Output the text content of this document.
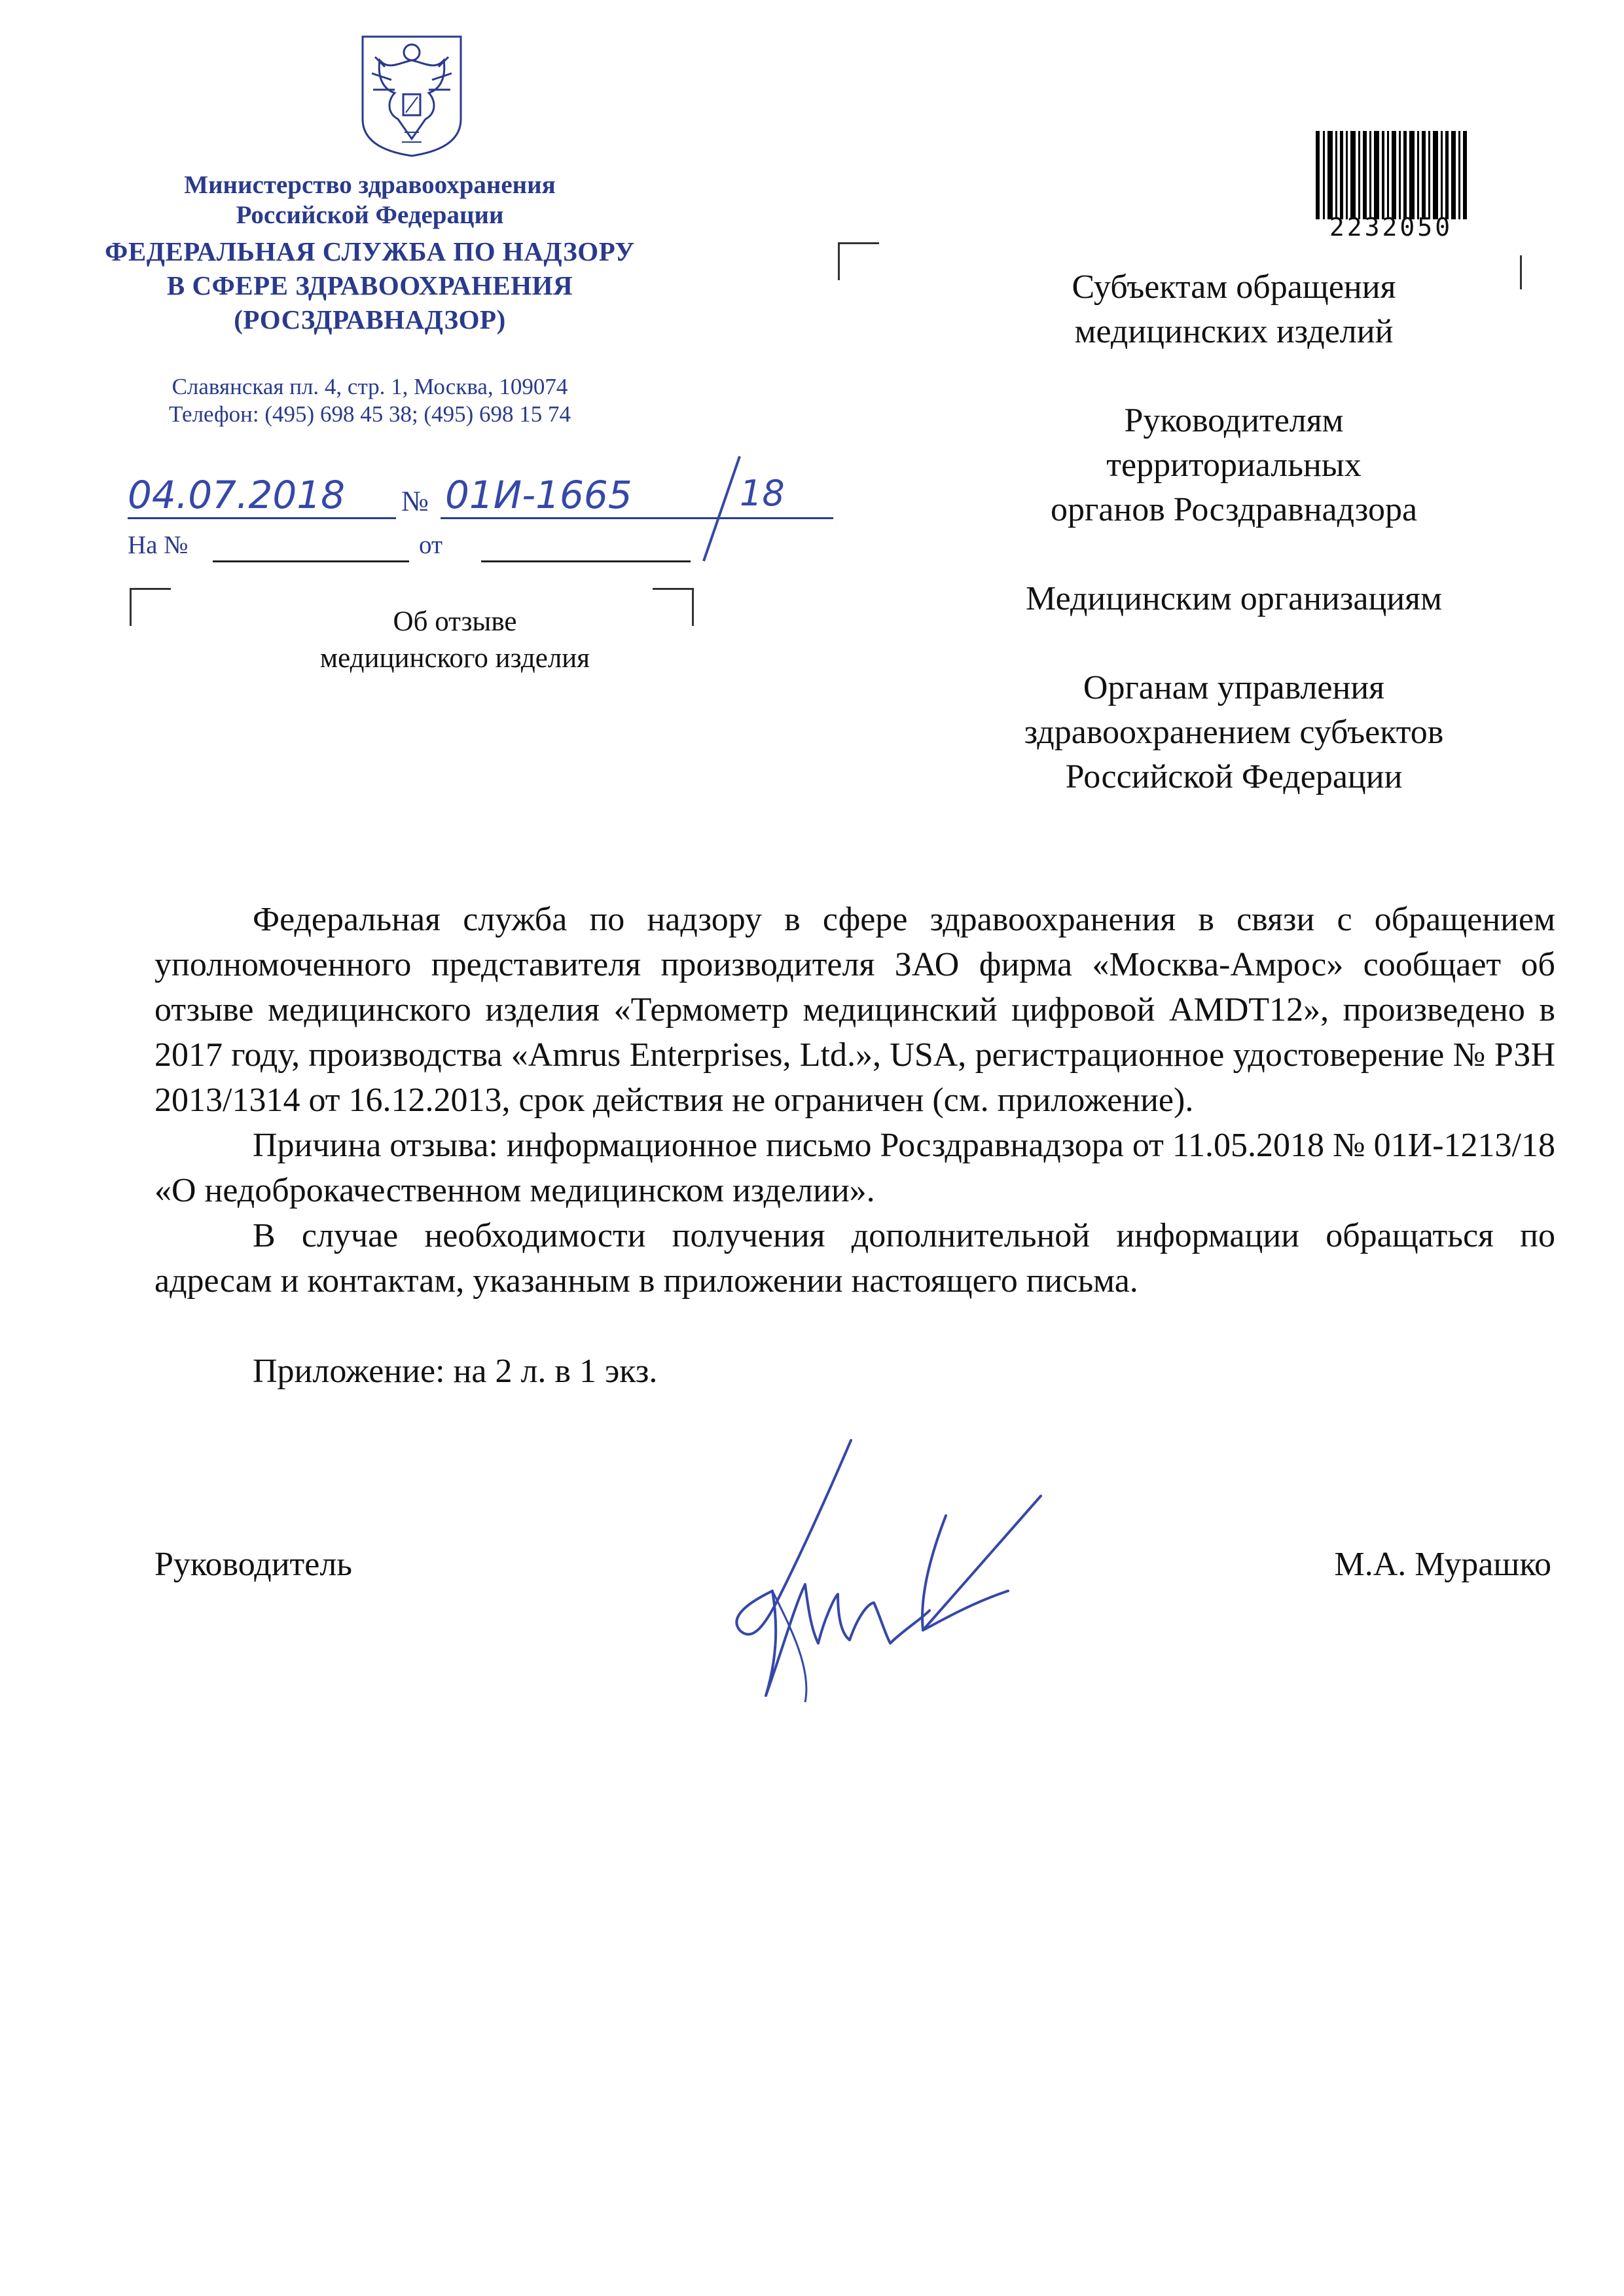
Министерство здравоохранения
Российской Федерации
ФЕДЕРАЛЬНАЯ СЛУЖБА ПО НАДЗОРУ
В СФЕРЕ ЗДРАВООХРАНЕНИЯ
(РОСЗДРАВНАДЗОР)
Славянская пл. 4, стр. 1, Москва, 109074
Телефон: (495) 698 45 38; (495) 698 15 74
04.07.2018 № 01И-1665	18
На №	от
Об отзыве
медицинского изделия
2232050
Субъектам обращения
медицинских изделий
Руководителям
территориальных
органов Росздравнадзора
Медицинским организациям
Органам управления
здравоохранением субъектов
Российской Федерации

Федеральная служба по надзору в сфере здравоохранения в связи с обращением уполномоченного представителя производителя ЗАО фирма «Москва-Амрос» сообщает об отзыве медицинского изделия «Термометр медицинский цифровой AMDT12», произведено в 2017 году, производства «Amrus Enterprises, Ltd.», USA, регистрационное удостоверение № РЗН 2013/1314 от 16.12.2013, срок действия не ограничен (см. приложение).

Причина отзыва: информационное письмо Росздравнадзора от 11.05.2018 № 01И-1213/18 «О недоброкачественном медицинском изделии».

В случае необходимости получения дополнительной информации обращаться по адресам и контактам, указанным в приложении настоящего письма.

Приложение: на 2 л. в 1 экз.

Руководитель	М.А. Мурашко
